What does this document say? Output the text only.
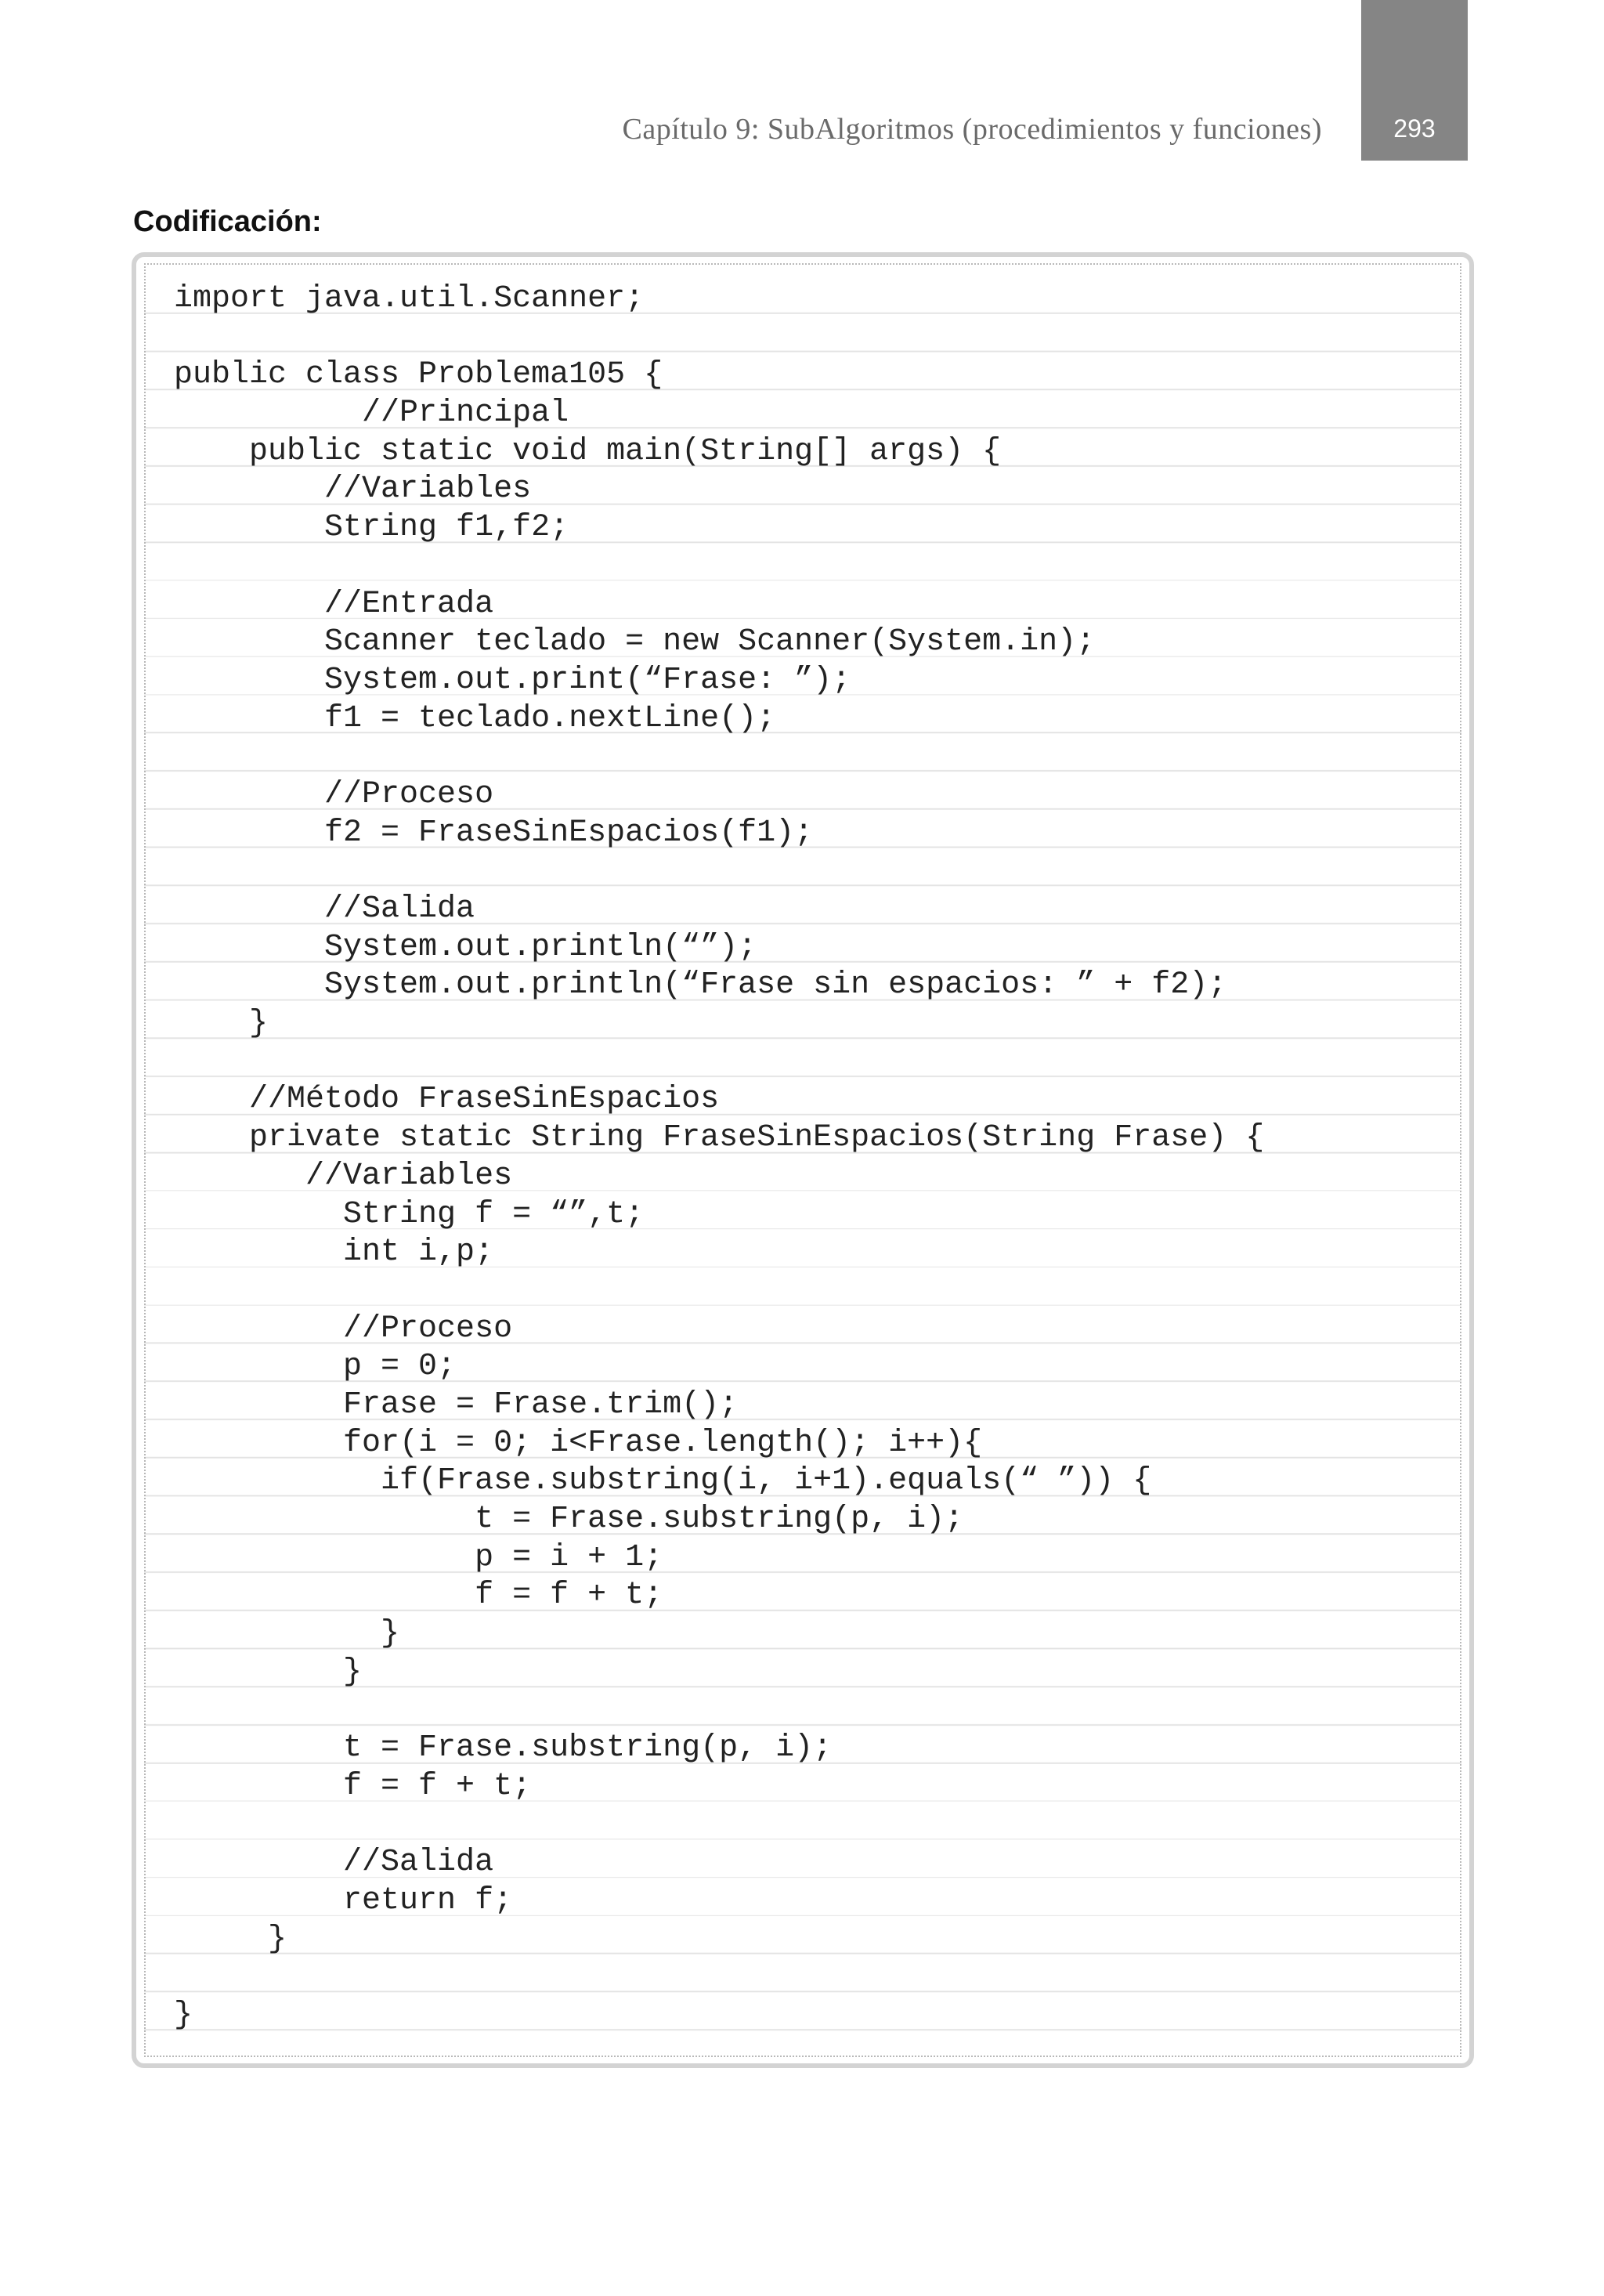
293
Capítulo 9: SubAlgoritmos (procedimientos y funciones)
Codificación:
import java.util.Scanner;
public class Problema105 {
//Principal
public static void main(String[] args) {
//Variables
String f1,f2;
//Entrada
Scanner teclado = new Scanner(System.in);
System.out.print(“Frase: ”);
f1 = teclado.nextLine();
//Proceso
f2 = FraseSinEspacios(f1);
//Salida
System.out.println(“”);
System.out.println(“Frase sin espacios: ” + f2);
}
//Método FraseSinEspacios
private static String FraseSinEspacios(String Frase) {
//Variables
String f = “”,t;
int i,p;
//Proceso
p = 0;
Frase = Frase.trim();
for(i = 0; i<Frase.length(); i++){
if(Frase.substring(i, i+1).equals(“ ”)) {
t = Frase.substring(p, i);
p = i + 1;
f = f + t;
}
}
t = Frase.substring(p, i);
f = f + t;
//Salida
return f;
}
}
